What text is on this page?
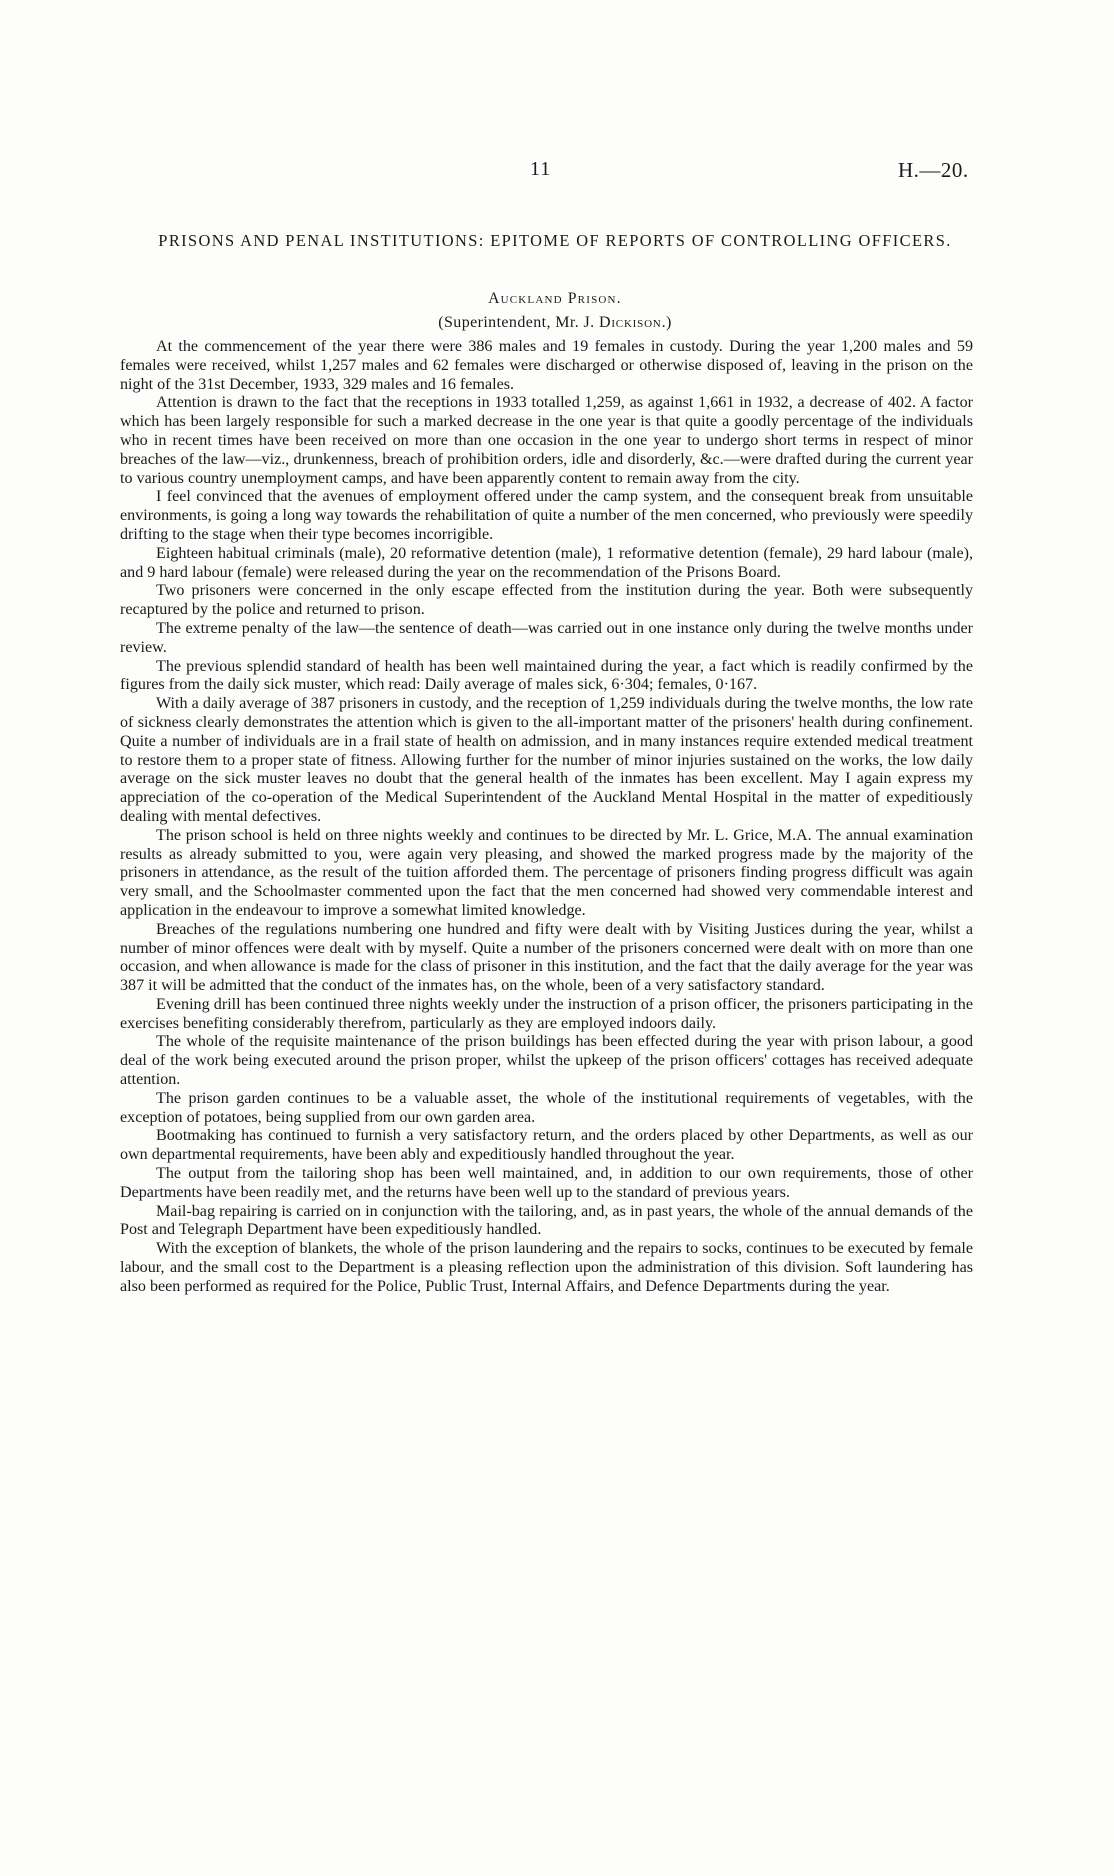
11	H.—20.
PRISONS AND PENAL INSTITUTIONS: EPITOME OF REPORTS OF CONTROLLING OFFICERS.
Auckland Prison.
(Superintendent, Mr. J. Dickison.)

At the commencement of the year there were 386 males and 19 females in custody. During the year 1,200 males and 59 females were received, whilst 1,257 males and 62 females were discharged or otherwise disposed of, leaving in the prison on the night of the 31st December, 1933, 329 males and 16 females.

Attention is drawn to the fact that the receptions in 1933 totalled 1,259, as against 1,661 in 1932, a decrease of 402. A factor which has been largely responsible for such a marked decrease in the one year is that quite a goodly percentage of the individuals who in recent times have been received on more than one occasion in the one year to undergo short terms in respect of minor breaches of the law—viz., drunkenness, breach of prohibition orders, idle and disorderly, &c.—were drafted during the current year to various country unemployment camps, and have been apparently content to remain away from the city.

I feel convinced that the avenues of employment offered under the camp system, and the consequent break from unsuitable environments, is going a long way towards the rehabilitation of quite a number of the men concerned, who previously were speedily drifting to the stage when their type becomes incorrigible.

Eighteen habitual criminals (male), 20 reformative detention (male), 1 reformative detention (female), 29 hard labour (male), and 9 hard labour (female) were released during the year on the recommendation of the Prisons Board.

Two prisoners were concerned in the only escape effected from the institution during the year. Both were subsequently recaptured by the police and returned to prison.

The extreme penalty of the law—the sentence of death—was carried out in one instance only during the twelve months under review.

The previous splendid standard of health has been well maintained during the year, a fact which is readily confirmed by the figures from the daily sick muster, which read: Daily average of males sick, 6·304; females, 0·167.

With a daily average of 387 prisoners in custody, and the reception of 1,259 individuals during the twelve months, the low rate of sickness clearly demonstrates the attention which is given to the all-important matter of the prisoners' health during confinement. Quite a number of individuals are in a frail state of health on admission, and in many instances require extended medical treatment to restore them to a proper state of fitness. Allowing further for the number of minor injuries sustained on the works, the low daily average on the sick muster leaves no doubt that the general health of the inmates has been excellent. May I again express my appreciation of the co-operation of the Medical Superintendent of the Auckland Mental Hospital in the matter of expeditiously dealing with mental defectives.

The prison school is held on three nights weekly and continues to be directed by Mr. L. Grice, M.A. The annual examination results as already submitted to you, were again very pleasing, and showed the marked progress made by the majority of the prisoners in attendance, as the result of the tuition afforded them. The percentage of prisoners finding progress difficult was again very small, and the Schoolmaster commented upon the fact that the men concerned had showed very commendable interest and application in the endeavour to improve a somewhat limited knowledge.

Breaches of the regulations numbering one hundred and fifty were dealt with by Visiting Justices during the year, whilst a number of minor offences were dealt with by myself. Quite a number of the prisoners concerned were dealt with on more than one occasion, and when allowance is made for the class of prisoner in this institution, and the fact that the daily average for the year was 387 it will be admitted that the conduct of the inmates has, on the whole, been of a very satisfactory standard.

Evening drill has been continued three nights weekly under the instruction of a prison officer, the prisoners participating in the exercises benefiting considerably therefrom, particularly as they are employed indoors daily.

The whole of the requisite maintenance of the prison buildings has been effected during the year with prison labour, a good deal of the work being executed around the prison proper, whilst the upkeep of the prison officers' cottages has received adequate attention.

The prison garden continues to be a valuable asset, the whole of the institutional requirements of vegetables, with the exception of potatoes, being supplied from our own garden area.

Bootmaking has continued to furnish a very satisfactory return, and the orders placed by other Departments, as well as our own departmental requirements, have been ably and expeditiously handled throughout the year.

The output from the tailoring shop has been well maintained, and, in addition to our own requirements, those of other Departments have been readily met, and the returns have been well up to the standard of previous years.

Mail-bag repairing is carried on in conjunction with the tailoring, and, as in past years, the whole of the annual demands of the Post and Telegraph Department have been expeditiously handled.

With the exception of blankets, the whole of the prison laundering and the repairs to socks, continues to be executed by female labour, and the small cost to the Department is a pleasing reflection upon the administration of this division. Soft laundering has also been performed as required for the Police, Public Trust, Internal Affairs, and Defence Departments during the year.
